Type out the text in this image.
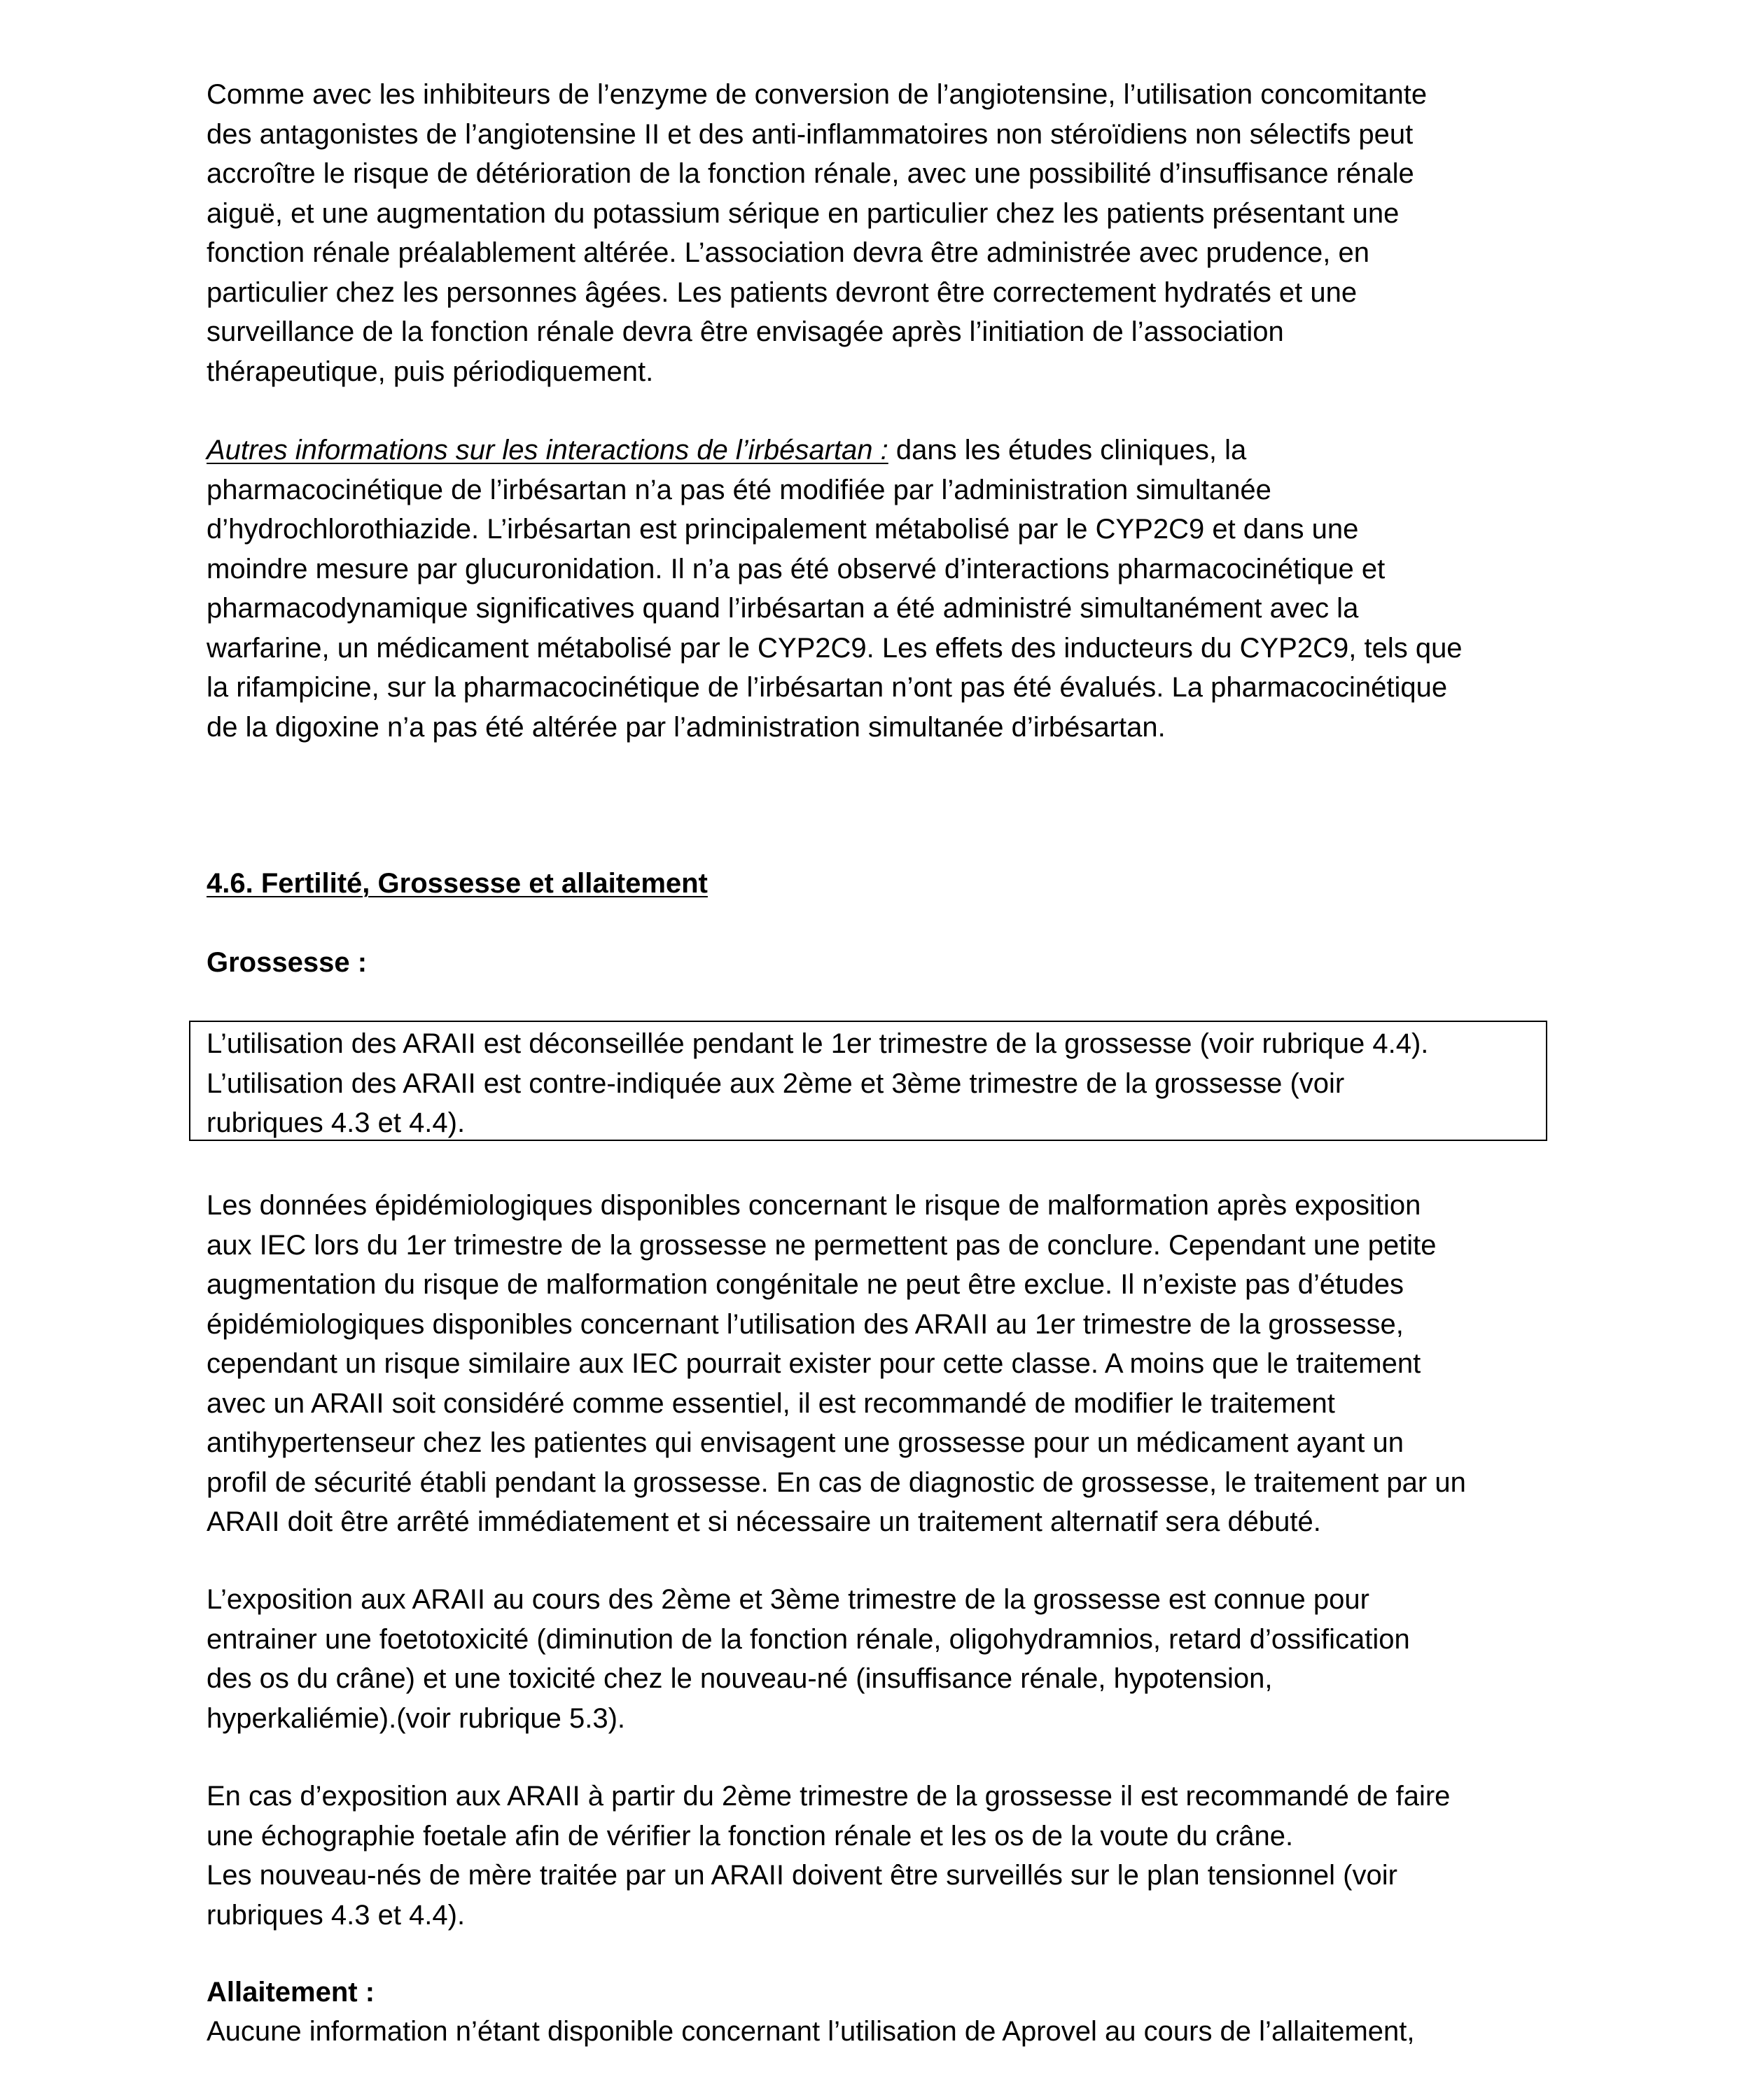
Comme avec les inhibiteurs de l’enzyme de conversion de l’angiotensine, l’utilisation concomitante
des antagonistes de l’angiotensine II et des anti-inflammatoires non stéroïdiens non sélectifs peut
accroître le risque de détérioration de la fonction rénale, avec une possibilité d’insuffisance rénale
aiguë, et une augmentation du potassium sérique en particulier chez les patients présentant une
fonction rénale préalablement altérée. L’association devra être administrée avec prudence, en
particulier chez les personnes âgées. Les patients devront être correctement hydratés et une
surveillance de la fonction rénale devra être envisagée après l’initiation de l’association
thérapeutique, puis périodiquement.
Autres informations sur les interactions de l’irbésartan : dans les études cliniques, la
pharmacocinétique de l’irbésartan n’a pas été modifiée par l’administration simultanée
d’hydrochlorothiazide. L’irbésartan est principalement métabolisé par le CYP2C9 et dans une
moindre mesure par glucuronidation. Il n’a pas été observé d’interactions pharmacocinétique et
pharmacodynamique significatives quand l’irbésartan a été administré simultanément avec la
warfarine, un médicament métabolisé par le CYP2C9. Les effets des inducteurs du CYP2C9, tels que
la rifampicine, sur la pharmacocinétique de l’irbésartan n’ont pas été évalués. La pharmacocinétique
de la digoxine n’a pas été altérée par l’administration simultanée d’irbésartan.
4.6. Fertilité, Grossesse et allaitement
Grossesse :
L’utilisation des ARAII est déconseillée pendant le 1er trimestre de la grossesse (voir rubrique 4.4).
L’utilisation des ARAII est contre-indiquée aux 2ème et 3ème trimestre de la grossesse (voir
rubriques 4.3 et 4.4).
Les données épidémiologiques disponibles concernant le risque de malformation après exposition
aux IEC lors du 1er trimestre de la grossesse ne permettent pas de conclure. Cependant une petite
augmentation du risque de malformation congénitale ne peut être exclue. Il n’existe pas d’études
épidémiologiques disponibles concernant l’utilisation des ARAII au 1er trimestre de la grossesse,
cependant un risque similaire aux IEC pourrait exister pour cette classe. A moins que le traitement
avec un ARAII soit considéré comme essentiel, il est recommandé de modifier le traitement
antihypertenseur chez les patientes qui envisagent une grossesse pour un médicament ayant un
profil de sécurité établi pendant la grossesse. En cas de diagnostic de grossesse, le traitement par un
ARAII doit être arrêté immédiatement et si nécessaire un traitement alternatif sera débuté.
L’exposition aux ARAII au cours des 2ème et 3ème trimestre de la grossesse est connue pour
entrainer une foetotoxicité (diminution de la fonction rénale, oligohydramnios, retard d’ossification
des os du crâne) et une toxicité chez le nouveau-né (insuffisance rénale, hypotension,
hyperkaliémie).(voir rubrique 5.3).
En cas d’exposition aux ARAII à partir du 2ème trimestre de la grossesse il est recommandé de faire
une échographie foetale afin de vérifier la fonction rénale et les os de la voute du crâne.
Les nouveau-nés de mère traitée par un ARAII doivent être surveillés sur le plan tensionnel (voir
rubriques 4.3 et 4.4).
Allaitement :
Aucune information n’étant disponible concernant l’utilisation de Aprovel au cours de l’allaitement,
